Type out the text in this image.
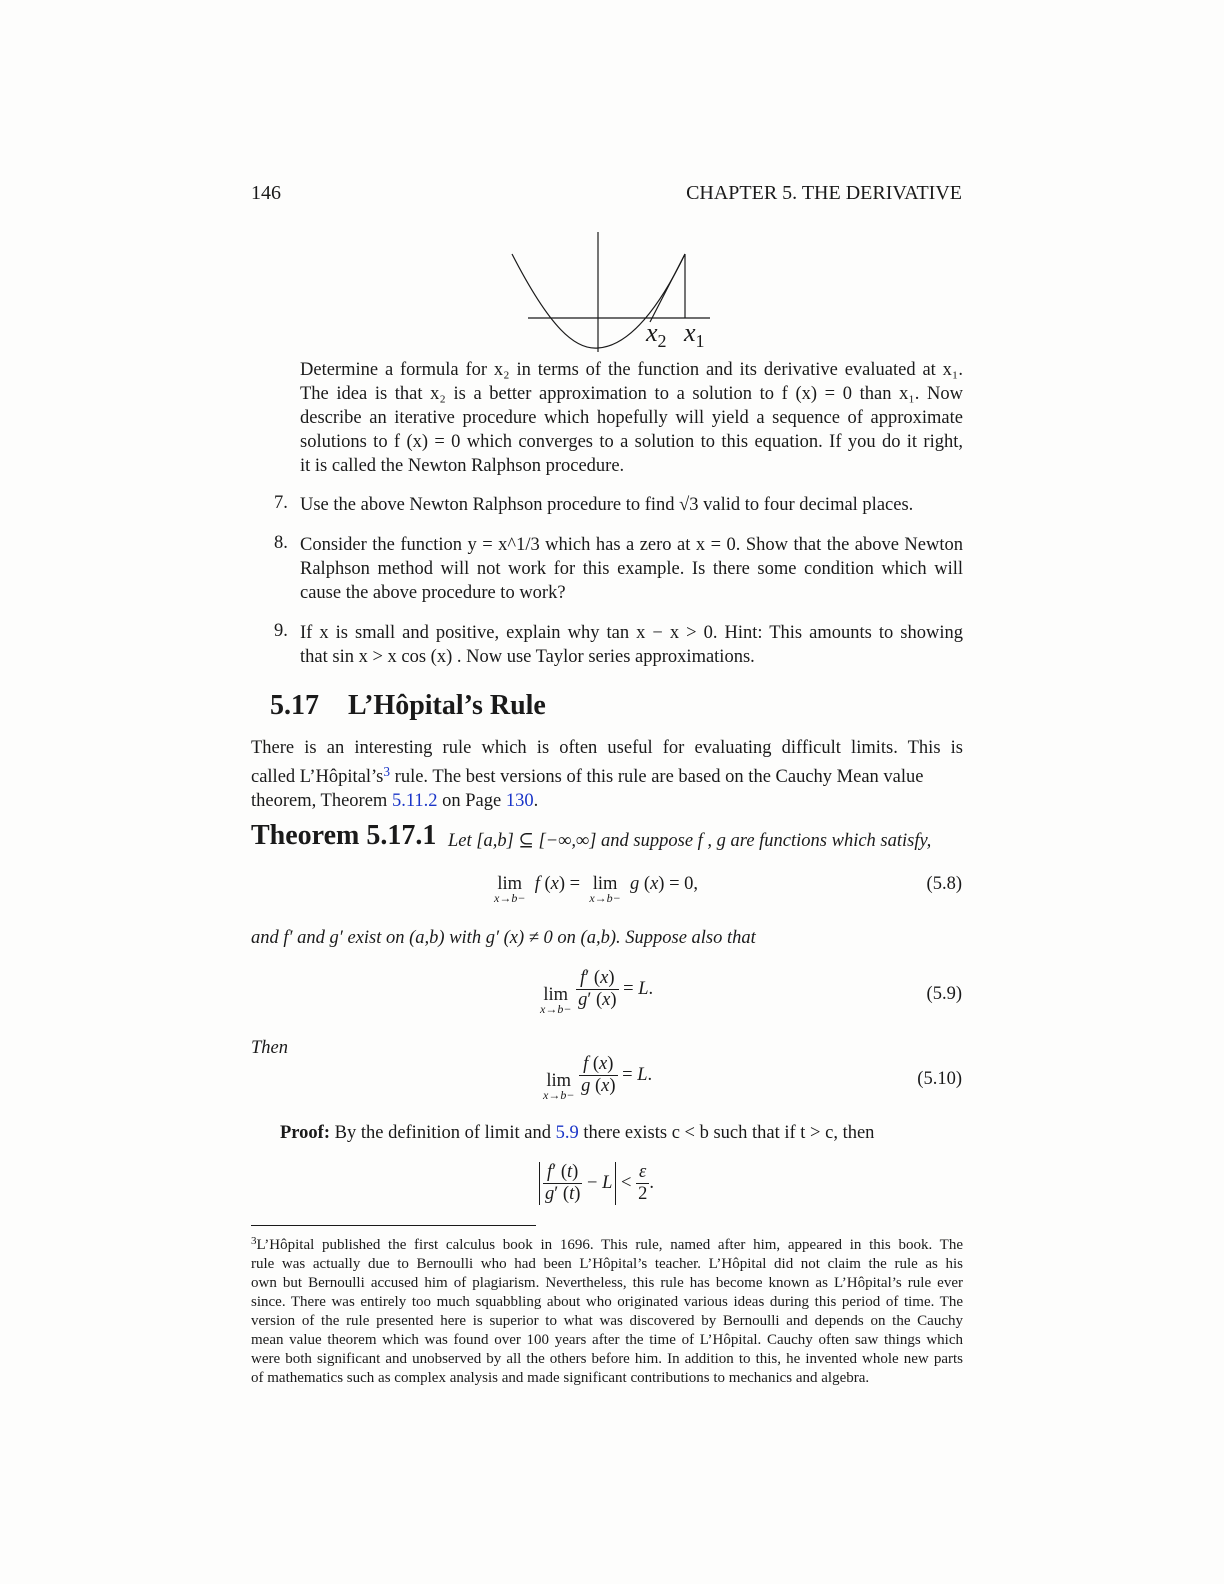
146	CHAPTER 5. THE DERIVATIVE
$x_2$ $x_1$
Determine a formula for x₂ in terms of the function and its derivative evaluated at x₁.
The idea is that x₂ is a better approximation to a solution to f (x) = 0 than x₁. Now
describe an iterative procedure which hopefully will yield a sequence of approximate
solutions to f (x) = 0 which converges to a solution to this equation. If you do it right,
it is called the Newton Ralphson procedure.
7. Use the above Newton Ralphson procedure to find √3 valid to four decimal places.
8. Consider the function y = x^1/3 which has a zero at x = 0. Show that the above Newton
Ralphson method will not work for this example. Is there some condition which will
cause the above procedure to work?
9. If x is small and positive, explain why tan x − x > 0. Hint: This amounts to showing
that sin x > x cos (x) . Now use Taylor series approximations.
5.17 L’Hôpital’s Rule
There is an interesting rule which is often useful for evaluating difficult limits. This is
called $L’Hôpital’s^3$ rule. The best versions of this rule are based on the Cauchy Mean value
theorem, Theorem 5.11.2 on Page 130.
Theorem 5.17.1 Let [a,b] ⊆ [−∞,∞] and suppose f , g are functions which satisfy,
lim
x→b−
f (x) = lim
x→b−
g (x) = 0,	(5.8)
and f′ and g′ exist on (a,b) with g′ (x) ≠ 0 on (a,b). Suppose also that
lim
x→b−
$\frac{f' (x)}{g' (x)} = L$.	(5.9)
Then
lim
x→b−
$\frac{f (x)}{g (x)} = L$.	(5.10)
Proof: By the definition of limit and 5.9 there exists c < b such that if t > c, then
$\frac{f' (t)}{g' (t)} - L < \frac{\varepsilon}{2}$ .
$^3$L’Hôpital published the first calculus book in 1696. This rule, named after him, appeared in this book. The
rule was actually due to Bernoulli who had been L’Hôpital’s teacher. L’Hôpital did not claim the rule as his
own but Bernoulli accused him of plagiarism. Nevertheless, this rule has become known as L’Hôpital’s rule ever
since. There was entirely too much squabbling about who originated various ideas during this period of time. The
version of the rule presented here is superior to what was discovered by Bernoulli and depends on the Cauchy
mean value theorem which was found over 100 years after the time of L’Hôpital. Cauchy often saw things which
were both significant and unobserved by all the others before him. In addition to this, he invented whole new parts
of mathematics such as complex analysis and made significant contributions to mechanics and algebra.
